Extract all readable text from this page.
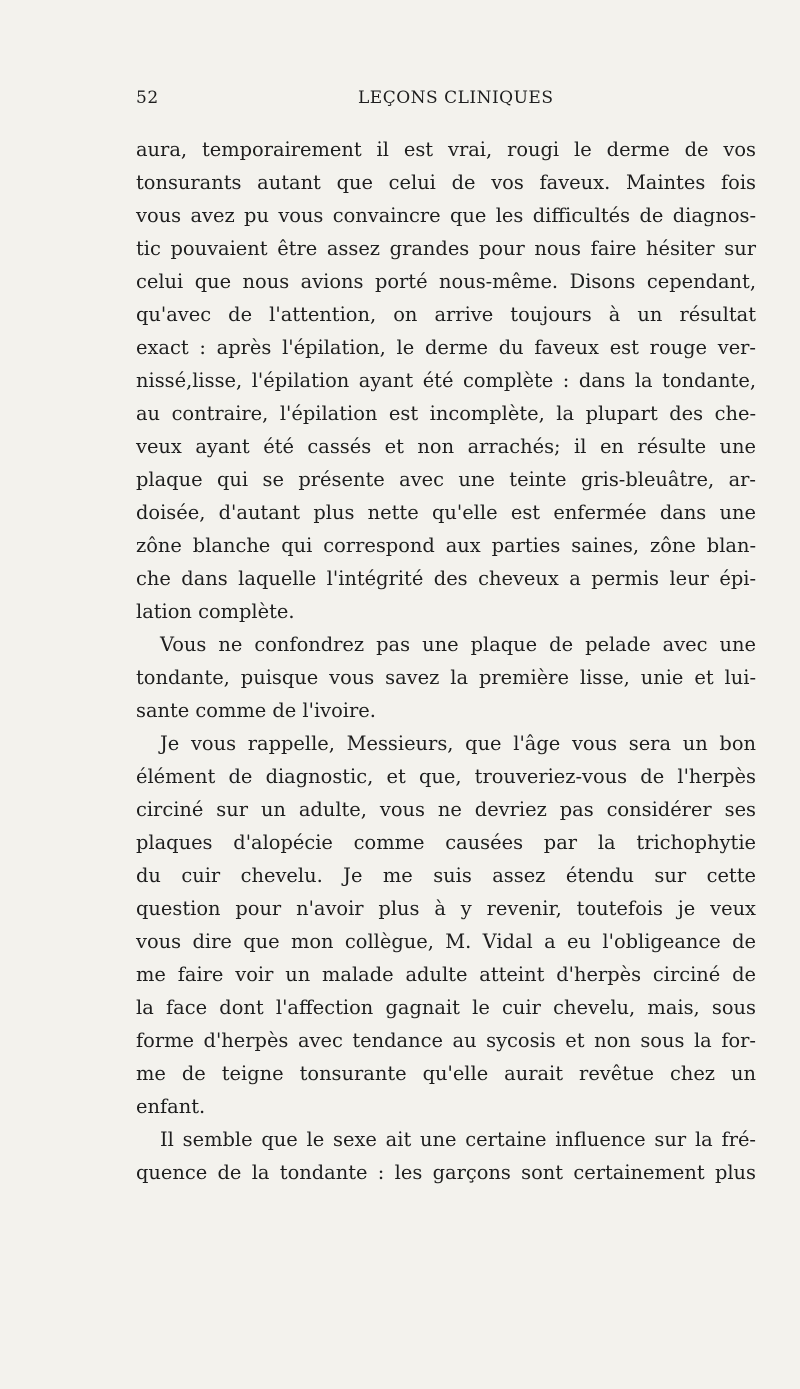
52	LEÇONS CLINIQUES
aura, temporairement il est vrai, rougi le derme de vos
tonsurants autant que celui de vos faveux. Maintes fois
vous avez pu vous convaincre que les difficultés de diagnos-
tic pouvaient être assez grandes pour nous faire hésiter sur
celui que nous avions porté nous-même. Disons cependant,
qu'avec de l'attention, on arrive toujours à un résultat
exact : après l'épilation, le derme du faveux est rouge ver-
nissé,lisse, l'épilation ayant été complète : dans la tondante,
au contraire, l'épilation est incomplète, la plupart des che-
veux ayant été cassés et non arrachés; il en résulte une
plaque qui se présente avec une teinte gris-bleuâtre, ar-
doisée, d'autant plus nette qu'elle est enfermée dans une
zône blanche qui correspond aux parties saines, zône blan-
che dans laquelle l'intégrité des cheveux a permis leur épi-
lation complète.
Vous ne confondrez pas une plaque de pelade avec une
tondante, puisque vous savez la première lisse, unie et lui-
sante comme de l'ivoire.
Je vous rappelle, Messieurs, que l'âge vous sera un bon
élément de diagnostic, et que, trouveriez-vous de l'herpès
circiné sur un adulte, vous ne devriez pas considérer ses
plaques d'alopécie comme causées par la trichophytie
du cuir chevelu. Je me suis assez étendu sur cette
question pour n'avoir plus à y revenir, toutefois je veux
vous dire que mon collègue, M. Vidal a eu l'obligeance de
me faire voir un malade adulte atteint d'herpès circiné de
la face dont l'affection gagnait le cuir chevelu, mais, sous
forme d'herpès avec tendance au sycosis et non sous la for-
me de teigne tonsurante qu'elle aurait revêtue chez un
enfant.
Il semble que le sexe ait une certaine influence sur la fré-
quence de la tondante : les garçons sont certainement plus
